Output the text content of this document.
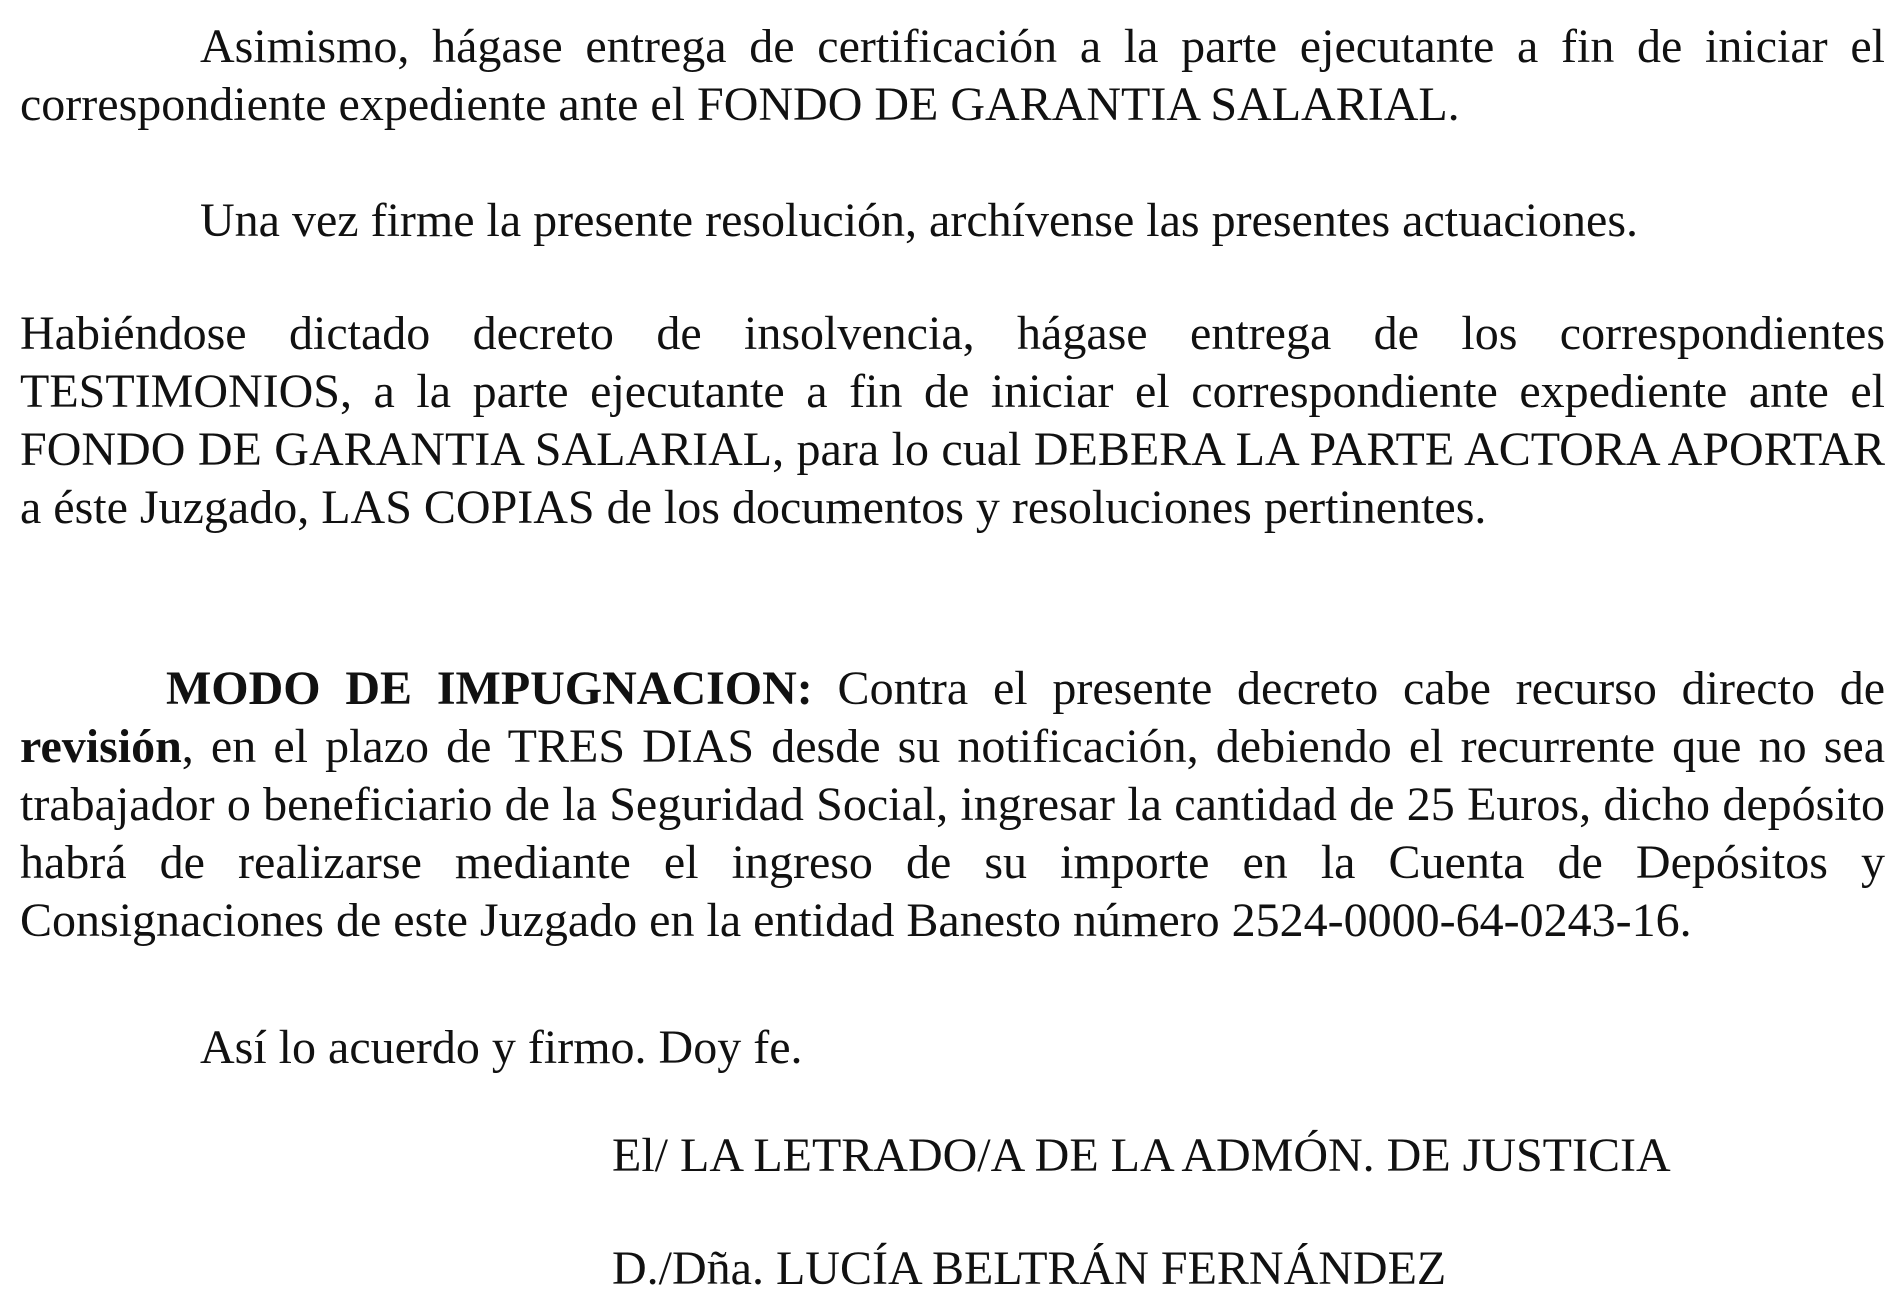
Asimismo, hágase entrega de certificación a la parte ejecutante a fin de iniciar el correspondiente expediente ante el FONDO DE GARANTIA SALARIAL.

Una vez firme la presente resolución, archívense las presentes actuaciones.

Habiéndose dictado decreto de insolvencia, hágase entrega de los correspondientes TESTIMONIOS, a la parte ejecutante a fin de iniciar el correspondiente expediente ante el FONDO DE GARANTIA SALARIAL, para lo cual DEBERA LA PARTE ACTORA APORTAR a éste Juzgado, LAS COPIAS de los documentos y resoluciones pertinentes.

MODO DE IMPUGNACION: Contra el presente decreto cabe recurso directo de revisión, en el plazo de TRES DIAS desde su notificación, debiendo el recurrente que no sea trabajador o beneficiario de la Seguridad Social, ingresar la cantidad de 25 Euros, dicho depósito habrá de realizarse mediante el ingreso de su importe en la Cuenta de Depósitos y Consignaciones de este Juzgado en la entidad Banesto número 2524-0000-64-0243-16.

Así lo acuerdo y firmo. Doy fe.

El/ LA LETRADO/A DE LA ADMÓN. DE JUSTICIA
D./Dña. LUCÍA BELTRÁN FERNÁNDEZ
